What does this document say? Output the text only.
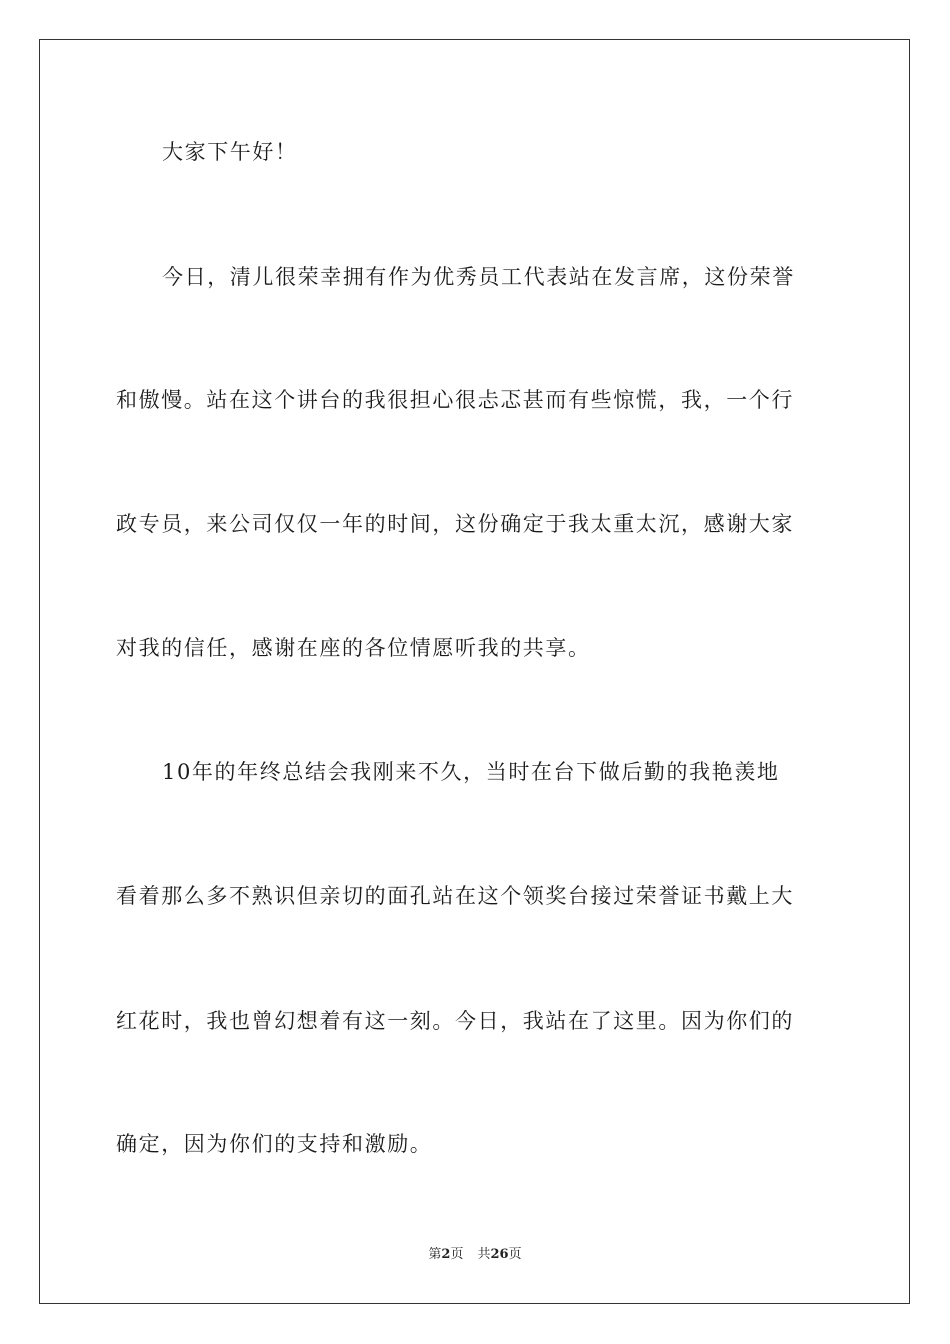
大家下午好！
今日，清儿很荣幸拥有作为优秀员工代表站在发言席，这份荣誉
和傲慢。站在这个讲台的我很担心很忐忑甚而有些惊慌，我，一个行
政专员，来公司仅仅一年的时间，这份确定于我太重太沉，感谢大家
对我的信任，感谢在座的各位情愿听我的共享。
10年的年终总结会我刚来不久，当时在台下做后勤的我艳羡地
看着那么多不熟识但亲切的面孔站在这个领奖台接过荣誉证书戴上大
红花时，我也曾幻想着有这一刻。今日，我站在了这里。因为你们的
确定，因为你们的支持和激励。
第2页 共26页
